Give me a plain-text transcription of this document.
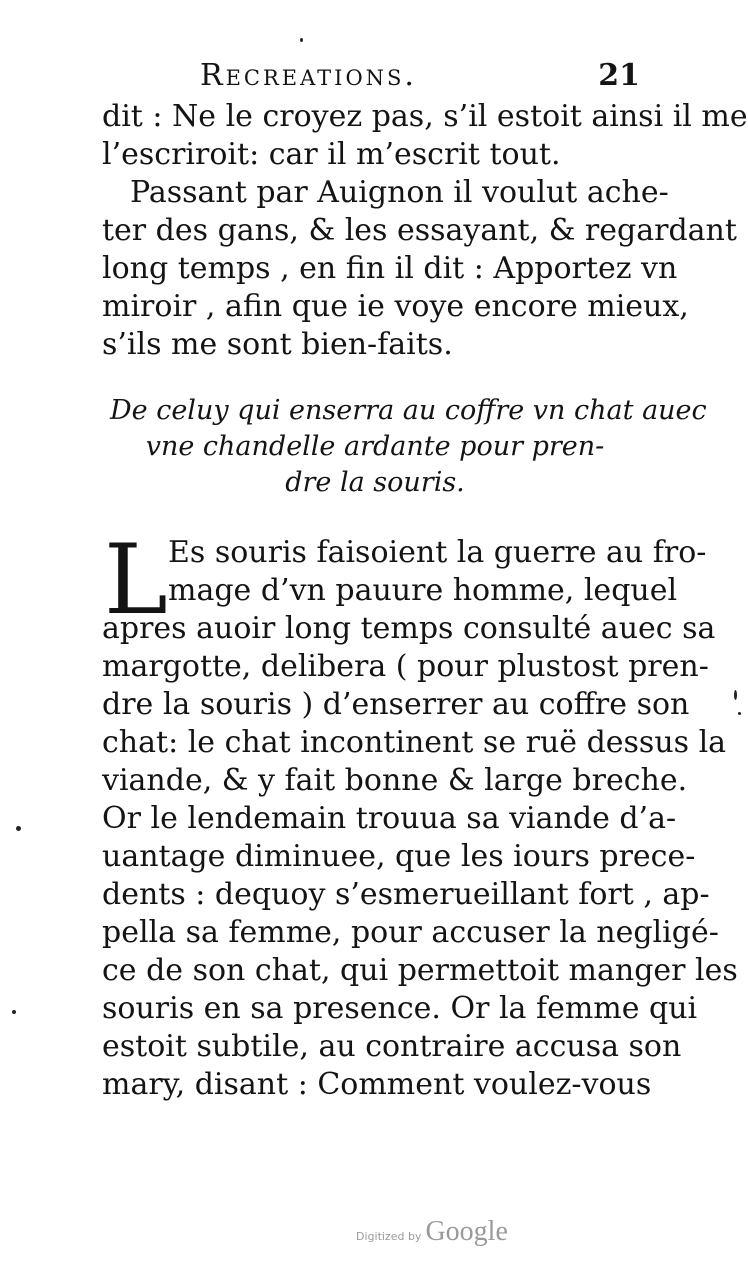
Recreations.	21
dit : Ne le croyez pas, s’il estoit ainsi il me
l’escriroit: car il m’escrit tout.
Passant par Auignon il voulut ache-
ter des gans, & les essayant, & regardant
long temps , en fin il dit : Apportez vn
miroir , afin que ie voye encore mieux,
s’ils me sont bien-faits.
De celuy qui enserra au coffre vn chat auec
vne chandelle ardante pour pren-
dre la souris.
L Es souris faisoient la guerre au fro-
mage d’vn pauure homme, lequel
apres auoir long temps consulté auec sa
margotte, delibera ( pour plustost pren-
dre la souris ) d’enserrer au coffre son
chat: le chat incontinent se ruë dessus la
viande, & y fait bonne & large breche.
Or le lendemain trouua sa viande d’a-
uantage diminuee, que les iours prece-
dents : dequoy s’esmerueillant fort , ap-
pella sa femme, pour accuser la negligé-
ce de son chat, qui permettoit manger les
souris en sa presence. Or la femme qui
estoit subtile, au contraire accusa son
mary, disant : Comment voulez-vous
Digitized by Google
